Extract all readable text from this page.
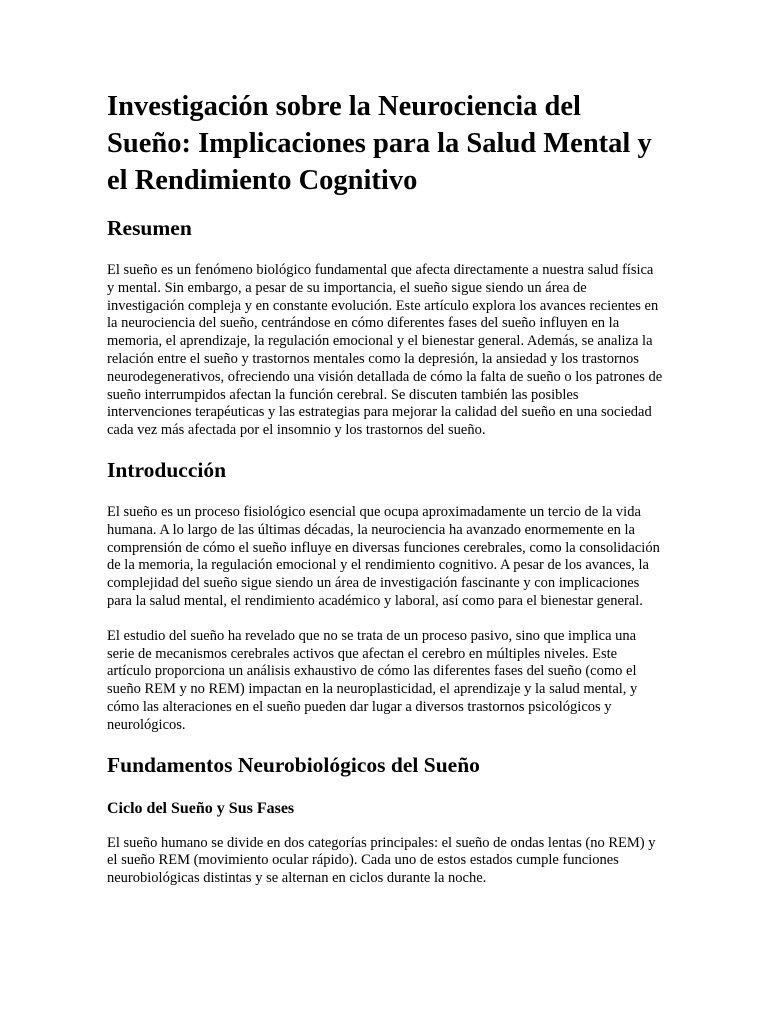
Investigación sobre la Neurociencia del Sueño: Implicaciones para la Salud Mental y el Rendimiento Cognitivo
Resumen

El sueño es un fenómeno biológico fundamental que afecta directamente a nuestra salud física y mental. Sin embargo, a pesar de su importancia, el sueño sigue siendo un área de investigación compleja y en constante evolución. Este artículo explora los avances recientes en la neurociencia del sueño, centrándose en cómo diferentes fases del sueño influyen en la memoria, el aprendizaje, la regulación emocional y el bienestar general. Además, se analiza la relación entre el sueño y trastornos mentales como la depresión, la ansiedad y los trastornos neurodegenerativos, ofreciendo una visión detallada de cómo la falta de sueño o los patrones de sueño interrumpidos afectan la función cerebral. Se discuten también las posibles intervenciones terapéuticas y las estrategias para mejorar la calidad del sueño en una sociedad cada vez más afectada por el insomnio y los trastornos del sueño.

Introducción

El sueño es un proceso fisiológico esencial que ocupa aproximadamente un tercio de la vida humana. A lo largo de las últimas décadas, la neurociencia ha avanzado enormemente en la comprensión de cómo el sueño influye en diversas funciones cerebrales, como la consolidación de la memoria, la regulación emocional y el rendimiento cognitivo. A pesar de los avances, la complejidad del sueño sigue siendo un área de investigación fascinante y con implicaciones para la salud mental, el rendimiento académico y laboral, así como para el bienestar general.

El estudio del sueño ha revelado que no se trata de un proceso pasivo, sino que implica una serie de mecanismos cerebrales activos que afectan el cerebro en múltiples niveles. Este artículo proporciona un análisis exhaustivo de cómo las diferentes fases del sueño (como el sueño REM y no REM) impactan en la neuroplasticidad, el aprendizaje y la salud mental, y cómo las alteraciones en el sueño pueden dar lugar a diversos trastornos psicológicos y neurológicos.

Fundamentos Neurobiológicos del Sueño
Ciclo del Sueño y Sus Fases

El sueño humano se divide en dos categorías principales: el sueño de ondas lentas (no REM) y el sueño REM (movimiento ocular rápido). Cada uno de estos estados cumple funciones neurobiológicas distintas y se alternan en ciclos durante la noche.
